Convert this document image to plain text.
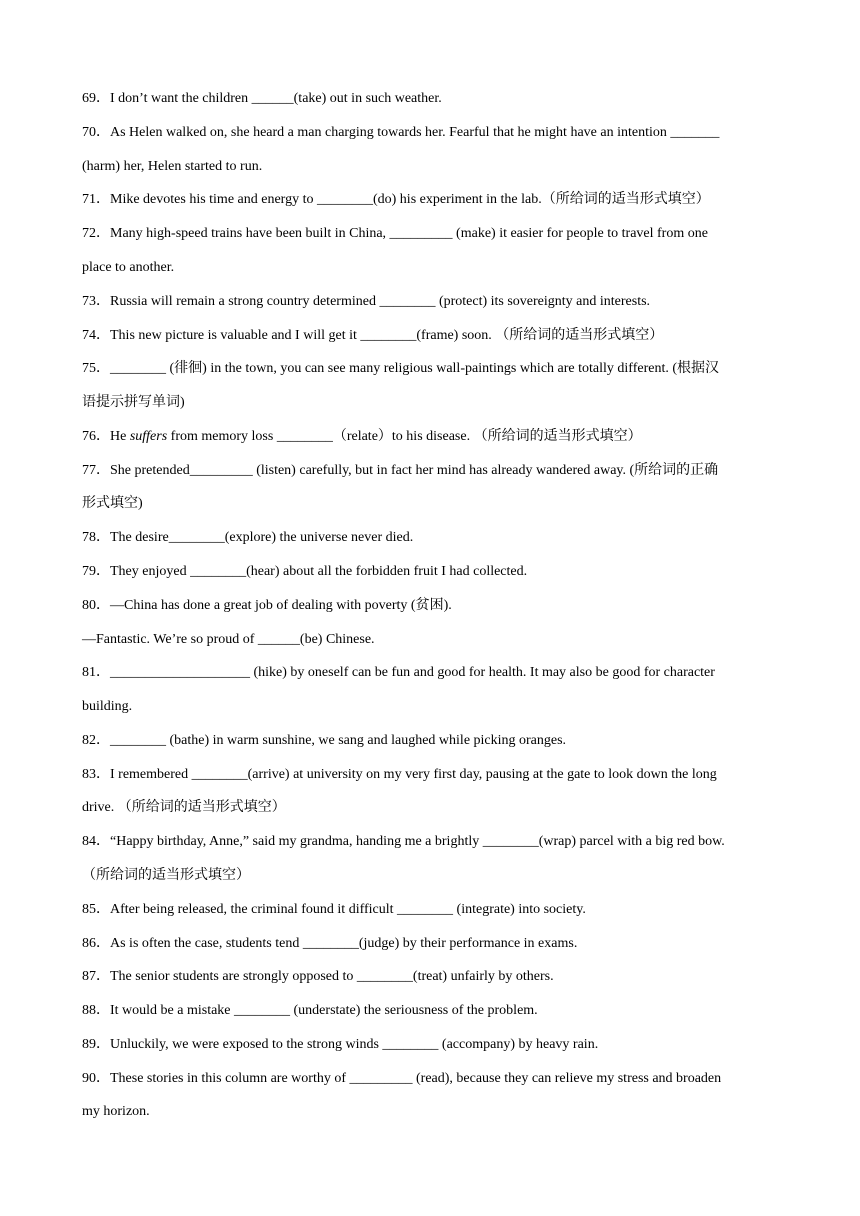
69．I don’t want the children ______(take) out in such weather.
70．As Helen walked on, she heard a man charging towards her. Fearful that he might have an intention _______
(harm) her, Helen started to run.
71．Mike devotes his time and energy to ________(do) his experiment in the lab.（所给词的适当形式填空）
72．Many high-speed trains have been built in China, _________ (make) it easier for people to travel from one
place to another.
73．Russia will remain a strong country determined ________ (protect) its sovereignty and interests.
74．This new picture is valuable and I will get it ________(frame) soon. （所给词的适当形式填空）
75．________ (徘徊) in the town, you can see many religious wall-paintings which are totally different. (根据汉
语提示拼写单词)
76．He suffers from memory loss ________（relate）to his disease. （所给词的适当形式填空）
77．She pretended_________ (listen) carefully, but in fact her mind has already wandered away. (所给词的正确
形式填空)
78．The desire________(explore) the universe never died.
79．They enjoyed ________(hear) about all the forbidden fruit I had collected.
80．—China has done a great job of dealing with poverty (贫困).
—Fantastic. We’re so proud of ______(be) Chinese.
81．____________________ (hike) by oneself can be fun and good for health. It may also be good for character
building.
82．________ (bathe) in warm sunshine, we sang and laughed while picking oranges.
83．I remembered ________(arrive) at university on my very first day, pausing at the gate to look down the long
drive. （所给词的适当形式填空）
84．“Happy birthday, Anne,” said my grandma, handing me a brightly ________(wrap) parcel with a big red bow.
（所给词的适当形式填空）
85．After being released, the criminal found it difficult ________ (integrate) into society.
86．As is often the case, students tend ________(judge) by their performance in exams.
87．The senior students are strongly opposed to ________(treat) unfairly by others.
88．It would be a mistake ________ (understate) the seriousness of the problem.
89．Unluckily, we were exposed to the strong winds ________ (accompany) by heavy rain.
90．These stories in this column are worthy of _________ (read), because they can relieve my stress and broaden
my horizon.
